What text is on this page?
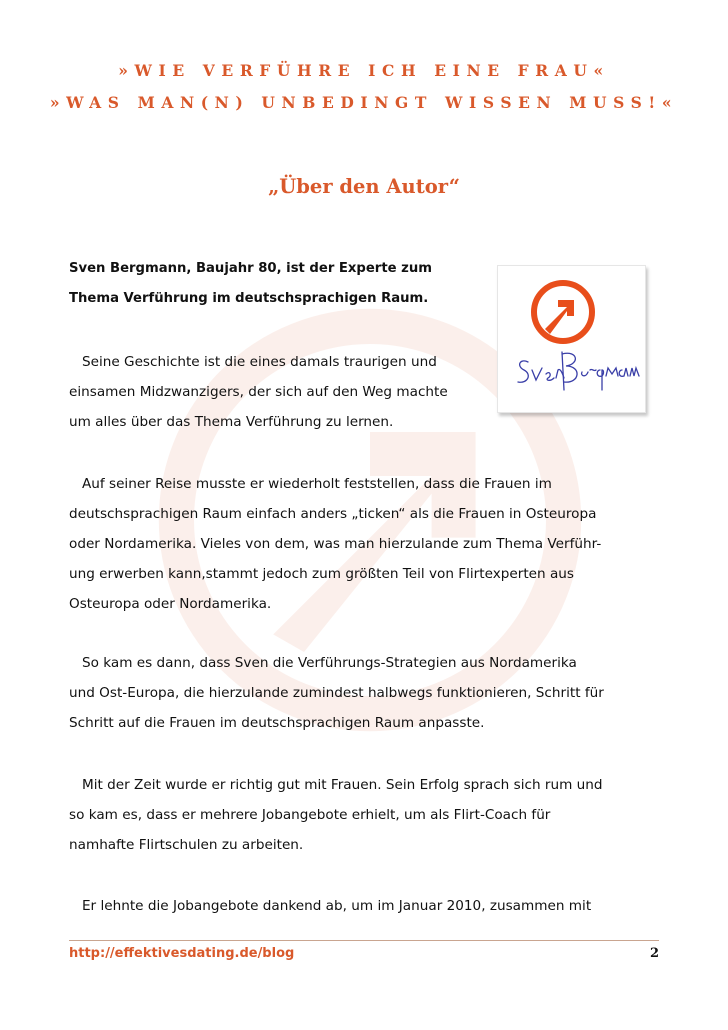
»WIE VERFÜHRE ICH EINE FRAU«
»WAS MAN(N) UNBEDINGT WISSEN MUSS!«
„Über den Autor“

Sven Bergmann, Baujahr 80, ist der Experte zum
Thema Verführung im deutschsprachigen Raum.

Seine Geschichte ist die eines damals traurigen und
einsamen Midzwanzigers, der sich auf den Weg machte
um alles über das Thema Verführung zu lernen.

Auf seiner Reise musste er wiederholt feststellen, dass die Frauen im
deutschsprachigen Raum einfach anders „ticken“ als die Frauen in Osteuropa
oder Nordamerika. Vieles von dem, was man hierzulande zum Thema Verführ-
ung erwerben kann,stammt jedoch zum größten Teil von Flirtexperten aus
Osteuropa oder Nordamerika.

So kam es dann, dass Sven die Verführungs-Strategien aus Nordamerika
und Ost-Europa, die hierzulande zumindest halbwegs funktionieren, Schritt für
Schritt auf die Frauen im deutschsprachigen Raum anpasste.

Mit der Zeit wurde er richtig gut mit Frauen. Sein Erfolg sprach sich rum und
so kam es, dass er mehrere Jobangebote erhielt, um als Flirt-Coach für
namhafte Flirtschulen zu arbeiten.

Er lehnte die Jobangebote dankend ab, um im Januar 2010, zusammen mit

http://effektivesdating.de/blog	2
